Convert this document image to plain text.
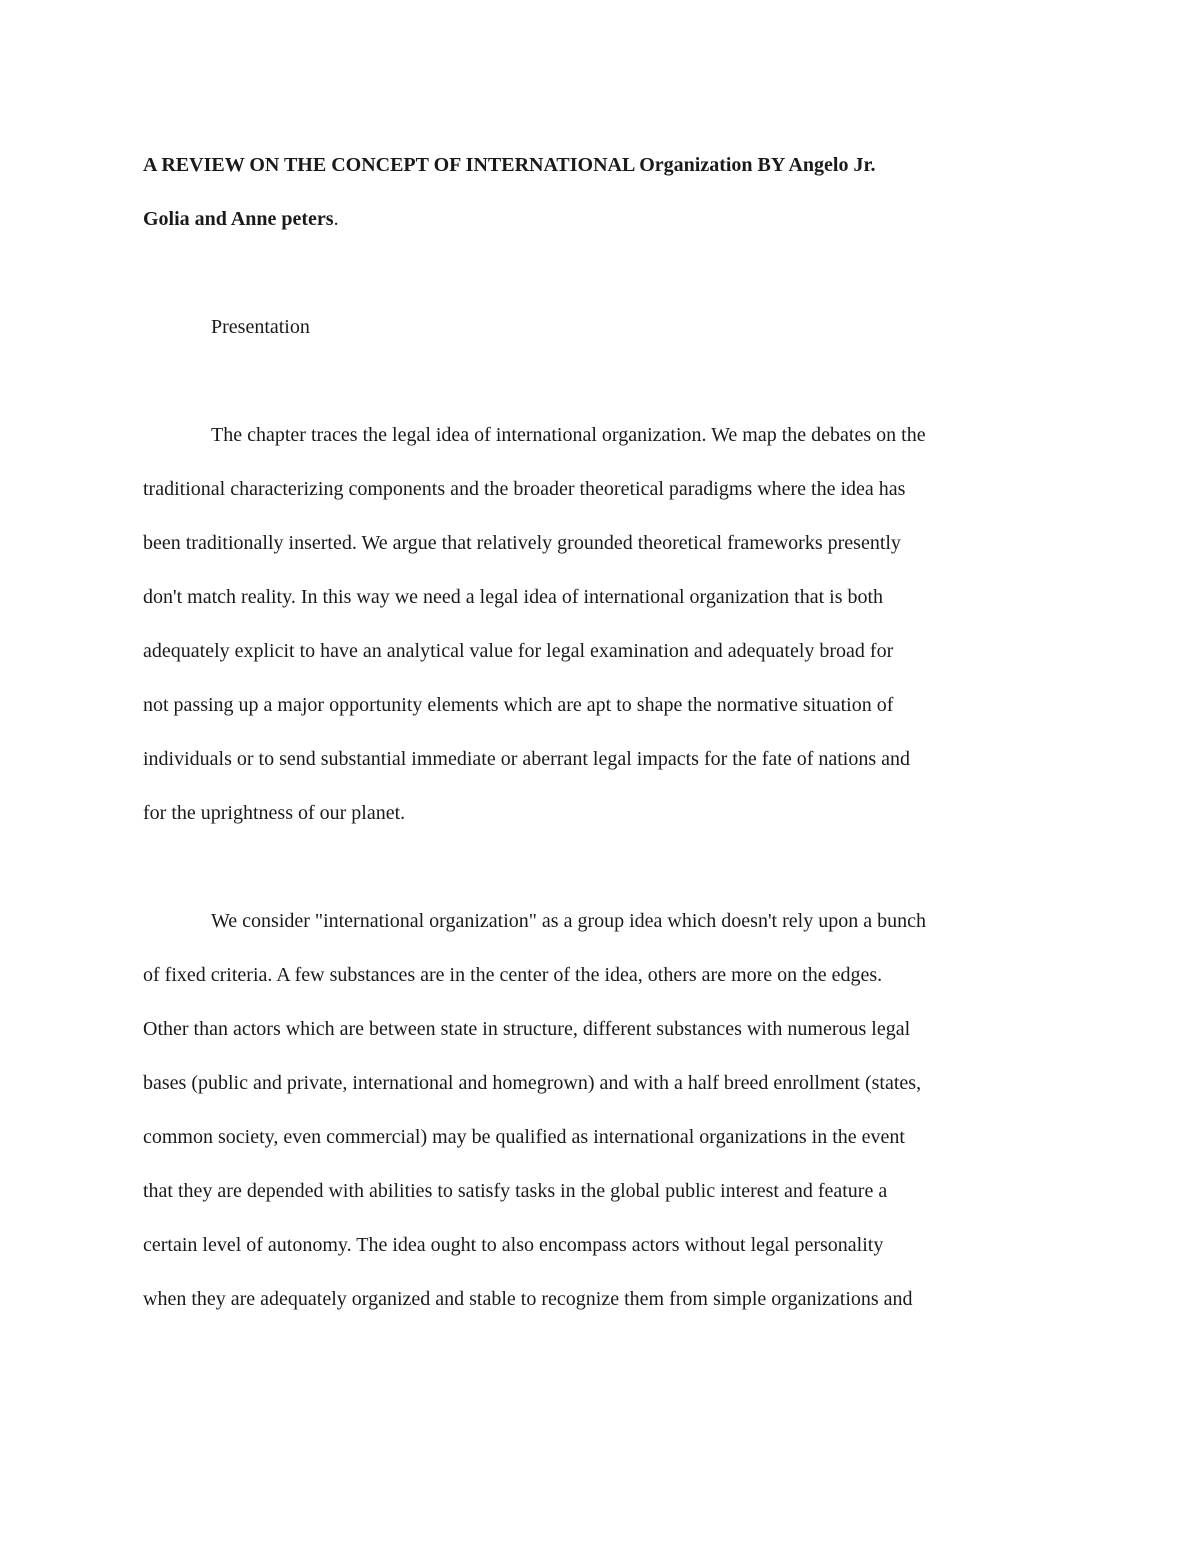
A REVIEW ON THE CONCEPT OF INTERNATIONAL Organization BY Angelo Jr.
Golia and Anne peters.

Presentation

The chapter traces the legal idea of international organization. We map the debates on the
traditional characterizing components and the broader theoretical paradigms where the idea has
been traditionally inserted. We argue that relatively grounded theoretical frameworks presently
don't match reality. In this way we need a legal idea of international organization that is both
adequately explicit to have an analytical value for legal examination and adequately broad for
not passing up a major opportunity elements which are apt to shape the normative situation of
individuals or to send substantial immediate or aberrant legal impacts for the fate of nations and
for the uprightness of our planet.

We consider "international organization" as a group idea which doesn't rely upon a bunch
of fixed criteria. A few substances are in the center of the idea, others are more on the edges.
Other than actors which are between state in structure, different substances with numerous legal
bases (public and private, international and homegrown) and with a half breed enrollment (states,
common society, even commercial) may be qualified as international organizations in the event
that they are depended with abilities to satisfy tasks in the global public interest and feature a
certain level of autonomy. The idea ought to also encompass actors without legal personality
when they are adequately organized and stable to recognize them from simple organizations and
